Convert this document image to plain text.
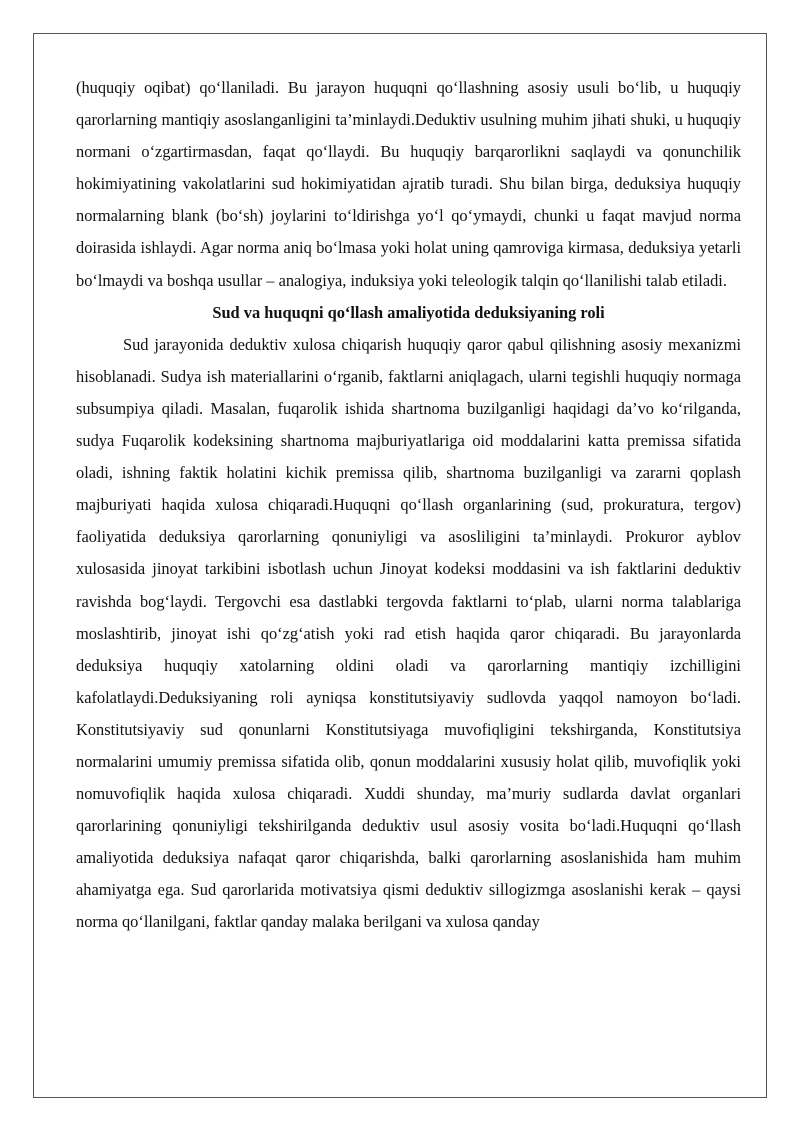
(huquqiy oqibat) qo‘llaniladi. Bu jarayon huquqni qo‘llashning asosiy usuli bo‘lib, u huquqiy qarorlarning mantiqiy asoslanganligini ta’minlaydi.Deduktiv usulning muhim jihati shuki, u huquqiy normani o‘zgartirmasdan, faqat qo‘llaydi. Bu huquqiy barqarorlikni saqlaydi va qonunchilik hokimiyatining vakolatlarini sud hokimiyatidan ajratib turadi. Shu bilan birga, deduksiya huquqiy normalarning blank (bo‘sh) joylarini to‘ldirishga yo‘l qo‘ymaydi, chunki u faqat mavjud norma doirasida ishlaydi. Agar norma aniq bo‘lmasa yoki holat uning qamroviga kirmasa, deduksiya yetarli bo‘lmaydi va boshqa usullar – analogiya, induksiya yoki teleologik talqin qo‘llanilishi talab etiladi.

Sud va huquqni qo‘llash amaliyotida deduksiyaning roli

Sud jarayonida deduktiv xulosa chiqarish huquqiy qaror qabul qilishning asosiy mexanizmi hisoblanadi. Sudya ish materiallarini o‘rganib, faktlarni aniqlagach, ularni tegishli huquqiy normaga subsumpiya qiladi. Masalan, fuqarolik ishida shartnoma buzilganligi haqidagi da’vo ko‘rilganda, sudya Fuqarolik kodeksining shartnoma majburiyatlariga oid moddalarini katta premissa sifatida oladi, ishning faktik holatini kichik premissa qilib, shartnoma buzilganligi va zararni qoplash majburiyati haqida xulosa chiqaradi.Huquqni qo‘llash organlarining (sud, prokuratura, tergov) faoliyatida deduksiya qarorlarning qonuniyligi va asosliligini ta’minlaydi. Prokuror ayblov xulosasida jinoyat tarkibini isbotlash uchun Jinoyat kodeksi moddasini va ish faktlarini deduktiv ravishda bog‘laydi. Tergovchi esa dastlabki tergovda faktlarni to‘plab, ularni norma talablariga moslashtirib, jinoyat ishi qo‘zg‘atish yoki rad etish haqida qaror chiqaradi. Bu jarayonlarda deduksiya huquqiy xatolarning oldini oladi va qarorlarning mantiqiy izchilligini kafolatlaydi.Deduksiyaning roli ayniqsa konstitutsiyaviy sudlovda yaqqol namoyon bo‘ladi. Konstitutsiyaviy sud qonunlarni Konstitutsiyaga muvofiqligini tekshirganda, Konstitutsiya normalarini umumiy premissa sifatida olib, qonun moddalarini xususiy holat qilib, muvofiqlik yoki nomuvofiqlik haqida xulosa chiqaradi. Xuddi shunday, ma’muriy sudlarda davlat organlari qarorlarining qonuniyligi tekshirilganda deduktiv usul asosiy vosita bo‘ladi.Huquqni qo‘llash amaliyotida deduksiya nafaqat qaror chiqarishda, balki qarorlarning asoslanishida ham muhim ahamiyatga ega. Sud qarorlarida motivatsiya qismi deduktiv sillogizmga asoslanishi kerak – qaysi norma qo‘llanilgani, faktlar qanday malaka berilgani va xulosa qanday
